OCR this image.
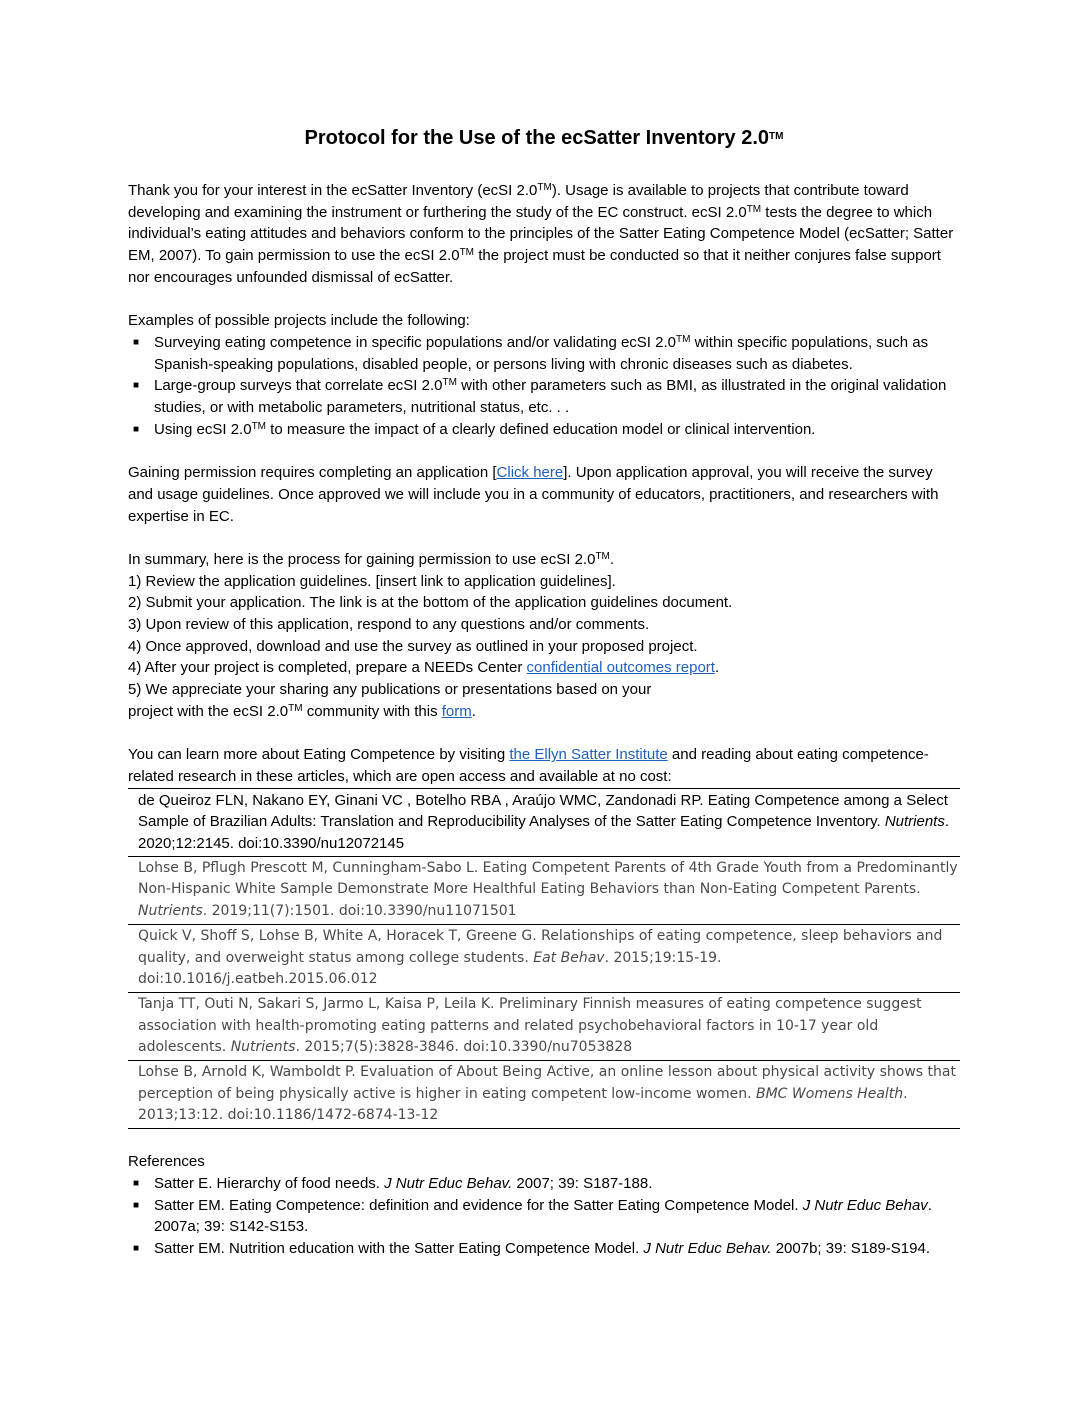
Protocol for the Use of the ecSatter Inventory 2.0™

Thank you for your interest in the ecSatter Inventory (ecSI 2.0™). Usage is available to projects that contribute toward developing and examining the instrument or furthering the study of the EC construct. ecSI 2.0™ tests the degree to which individual’s eating attitudes and behaviors conform to the principles of the Satter Eating Competence Model (ecSatter; Satter EM, 2007). To gain permission to use the ecSI 2.0™ the project must be conducted so that it neither conjures false support nor encourages unfounded dismissal of ecSatter.

Examples of possible projects include the following:
■ Surveying eating competence in specific populations and/or validating ecSI 2.0™ within specific populations, such as Spanish-speaking populations, disabled people, or persons living with chronic diseases such as diabetes.
■ Large-group surveys that correlate ecSI 2.0™ with other parameters such as BMI, as illustrated in the original validation studies, or with metabolic parameters, nutritional status, etc. . .
■ Using ecSI 2.0™ to measure the impact of a clearly defined education model or clinical intervention.

Gaining permission requires completing an application [Click here]. Upon application approval, you will receive the survey and usage guidelines. Once approved we will include you in a community of educators, practitioners, and researchers with expertise in EC.

In summary, here is the process for gaining permission to use ecSI 2.0™.
1) Review the application guidelines. [insert link to application guidelines].
2) Submit your application. The link is at the bottom of the application guidelines document.
3) Upon review of this application, respond to any questions and/or comments.
4) Once approved, download and use the survey as outlined in your proposed project.
4) After your project is completed, prepare a NEEDs Center confidential outcomes report.
5) We appreciate your sharing any publications or presentations based on your
project with the ecSI 2.0™ community with this form.
You can learn more about Eating Competence by visiting the Ellyn Satter Institute and reading about eating competence-related research in these articles, which are open access and available at no cost:
de Queiroz FLN, Nakano EY, Ginani VC , Botelho RBA , Araújo WMC, Zandonadi RP. Eating Competence among a Select Sample of Brazilian Adults: Translation and Reproducibility Analyses of the Satter Eating Competence Inventory. Nutrients. 2020;12:2145. doi:10.3390/nu12072145
Lohse B, Pflugh Prescott M, Cunningham-Sabo L. Eating Competent Parents of 4th Grade Youth from a Predominantly Non-Hispanic White Sample Demonstrate More Healthful Eating Behaviors than Non-Eating Competent Parents. Nutrients. 2019;11(7):1501. doi:10.3390/nu11071501
Quick V, Shoff S, Lohse B, White A, Horacek T, Greene G. Relationships of eating competence, sleep behaviors and quality, and overweight status among college students. Eat Behav. 2015;19:15-19. doi:10.1016/j.eatbeh.2015.06.012
Tanja TT, Outi N, Sakari S, Jarmo L, Kaisa P, Leila K. Preliminary Finnish measures of eating competence suggest association with health-promoting eating patterns and related psychobehavioral factors in 10-17 year old adolescents. Nutrients. 2015;7(5):3828-3846. doi:10.3390/nu7053828
Lohse B, Arnold K, Wamboldt P. Evaluation of About Being Active, an online lesson about physical activity shows that perception of being physically active is higher in eating competent low-income women. BMC Womens Health. 2013;13:12. doi:10.1186/1472-6874-13-12
References
■ Satter E. Hierarchy of food needs. J Nutr Educ Behav. 2007; 39: S187-188.
■ Satter EM. Eating Competence: definition and evidence for the Satter Eating Competence Model. J Nutr Educ Behav. 2007a; 39: S142-S153.
■ Satter EM. Nutrition education with the Satter Eating Competence Model. J Nutr Educ Behav. 2007b; 39: S189-S194.
